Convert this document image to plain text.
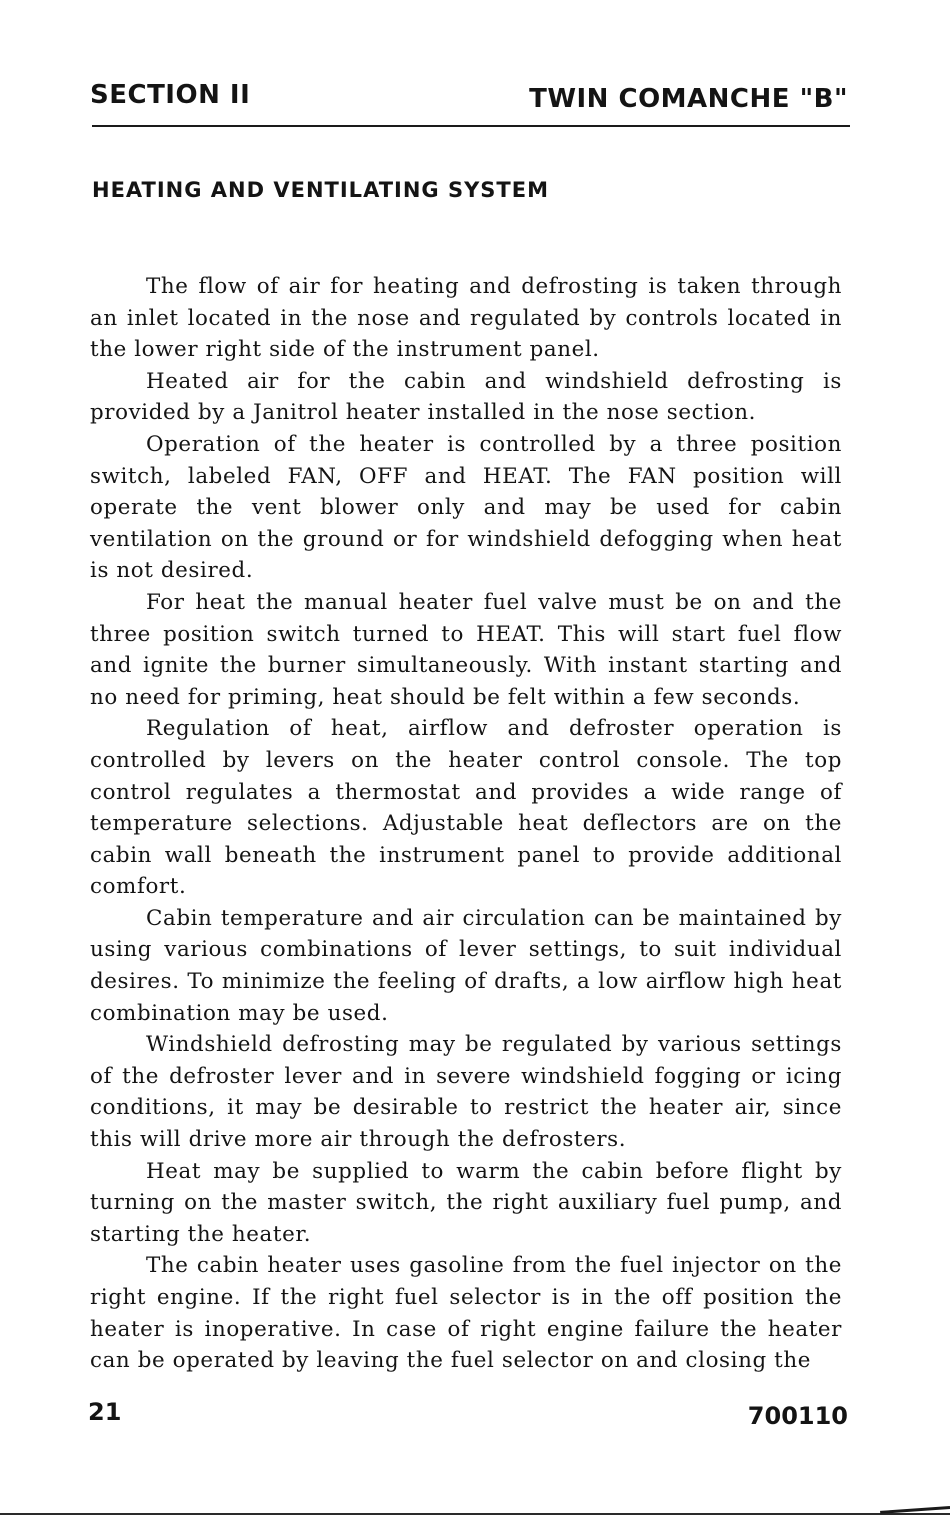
SECTION II	TWIN COMANCHE "B"
HEATING AND VENTILATING SYSTEM

The flow of air for heating and defrosting is taken through an inlet located in the nose and regulated by controls located in the lower right side of the instrument panel.

Heated air for the cabin and windshield defrosting is provided by a Janitrol heater installed in the nose section.

Operation of the heater is controlled by a three position switch, labeled FAN, OFF and HEAT. The FAN position will operate the vent blower only and may be used for cabin ventilation on the ground or for windshield defogging when heat is not desired.

For heat the manual heater fuel valve must be on and the three position switch turned to HEAT. This will start fuel flow and ignite the burner simultaneously. With instant starting and no need for priming, heat should be felt within a few seconds.

Regulation of heat, airflow and defroster operation is controlled by levers on the heater control console. The top control regulates a thermostat and provides a wide range of temperature selections. Adjustable heat deflectors are on the cabin wall beneath the instrument panel to provide additional comfort.

Cabin temperature and air circulation can be maintained by using various combinations of lever settings, to suit individual desires. To minimize the feeling of drafts, a low airflow high heat combination may be used.

Windshield defrosting may be regulated by various settings of the defroster lever and in severe windshield fogging or icing conditions, it may be desirable to restrict the heater air, since this will drive more air through the defrosters.

Heat may be supplied to warm the cabin before flight by turning on the master switch, the right auxiliary fuel pump, and starting the heater.

The cabin heater uses gasoline from the fuel injector on the right engine. If the right fuel selector is in the off position the heater is inoperative. In case of right engine failure the heater can be operated by leaving the fuel selector on and closing the

21	700110
